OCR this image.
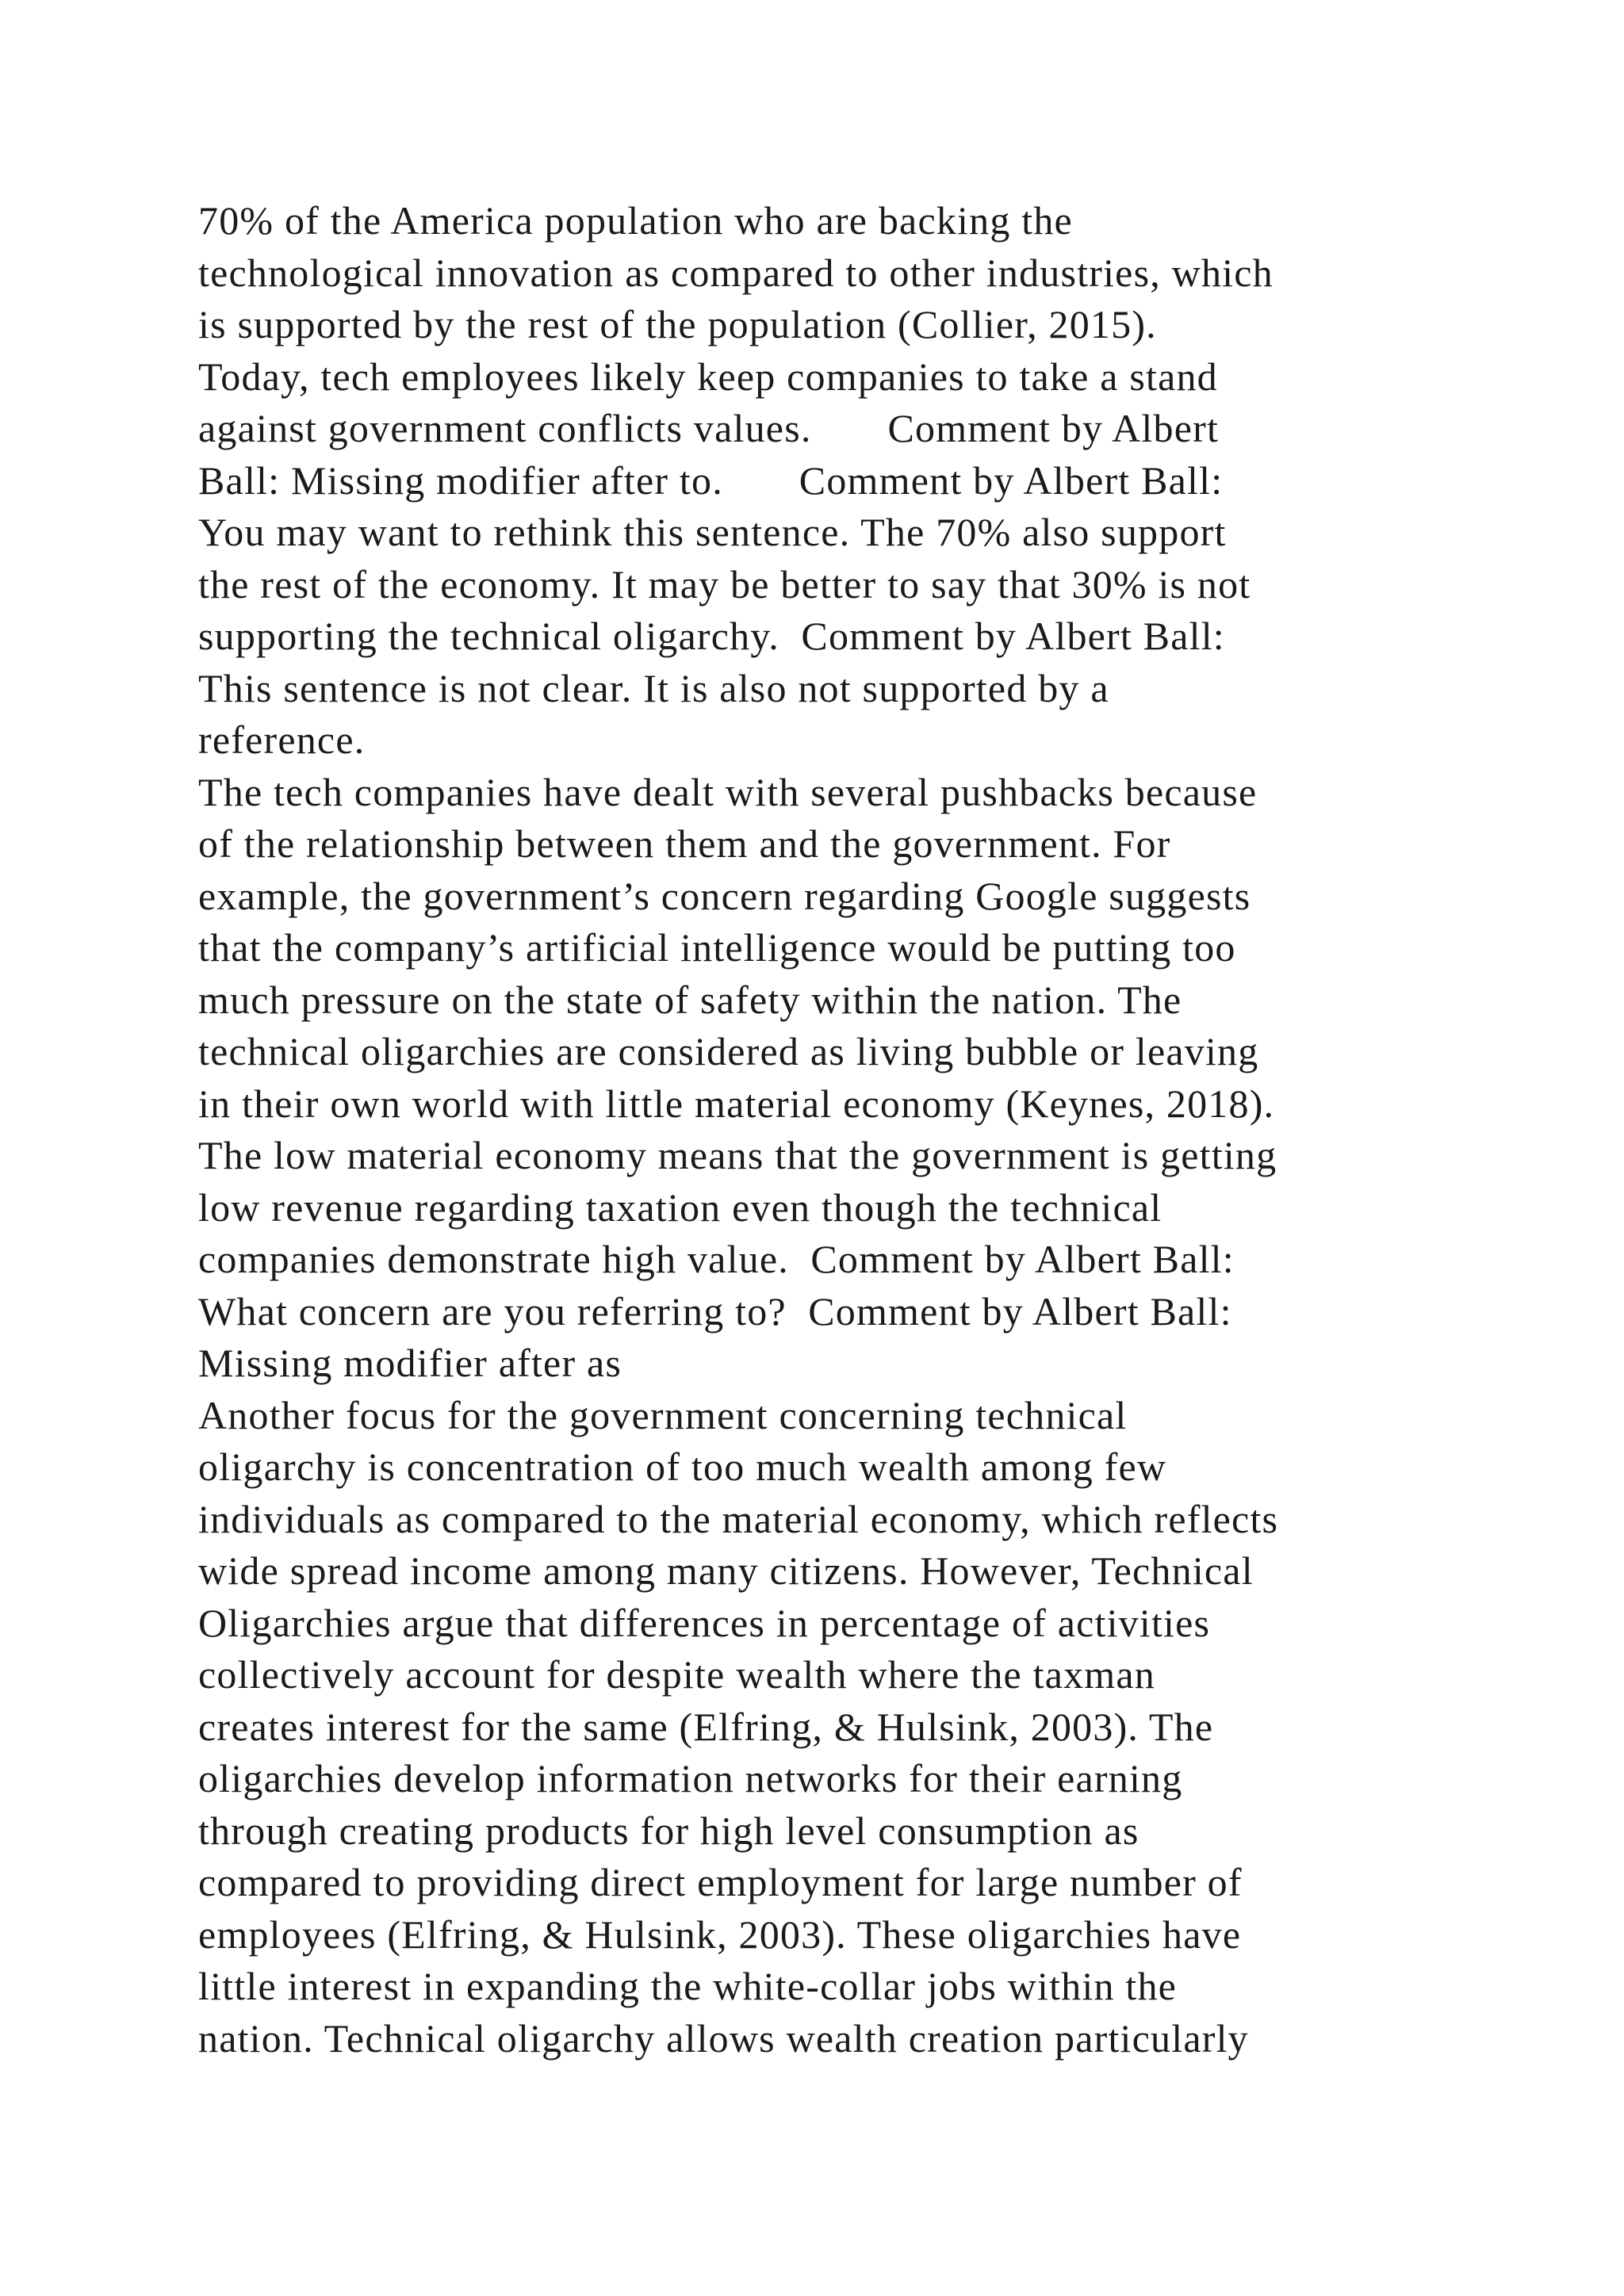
70% of the America population who are backing the
technological innovation as compared to other industries, which
is supported by the rest of the population (Collier, 2015).
Today, tech employees likely keep companies to take a stand
against government conflicts values.       Comment by Albert
Ball: Missing modifier after to.       Comment by Albert Ball:
You may want to rethink this sentence. The 70% also support
the rest of the economy. It may be better to say that 30% is not
supporting the technical oligarchy.  Comment by Albert Ball:
This sentence is not clear. It is also not supported by a
reference.
The tech companies have dealt with several pushbacks because
of the relationship between them and the government. For
example, the government’s concern regarding Google suggests
that the company’s artificial intelligence would be putting too
much pressure on the state of safety within the nation. The
technical oligarchies are considered as living bubble or leaving
in their own world with little material economy (Keynes, 2018).
The low material economy means that the government is getting
low revenue regarding taxation even though the technical
companies demonstrate high value.  Comment by Albert Ball:
What concern are you referring to?  Comment by Albert Ball:
Missing modifier after as
Another focus for the government concerning technical
oligarchy is concentration of too much wealth among few
individuals as compared to the material economy, which reflects
wide spread income among many citizens. However, Technical
Oligarchies argue that differences in percentage of activities
collectively account for despite wealth where the taxman
creates interest for the same (Elfring, & Hulsink, 2003). The
oligarchies develop information networks for their earning
through creating products for high level consumption as
compared to providing direct employment for large number of
employees (Elfring, & Hulsink, 2003). These oligarchies have
little interest in expanding the white-collar jobs within the
nation. Technical oligarchy allows wealth creation particularly
